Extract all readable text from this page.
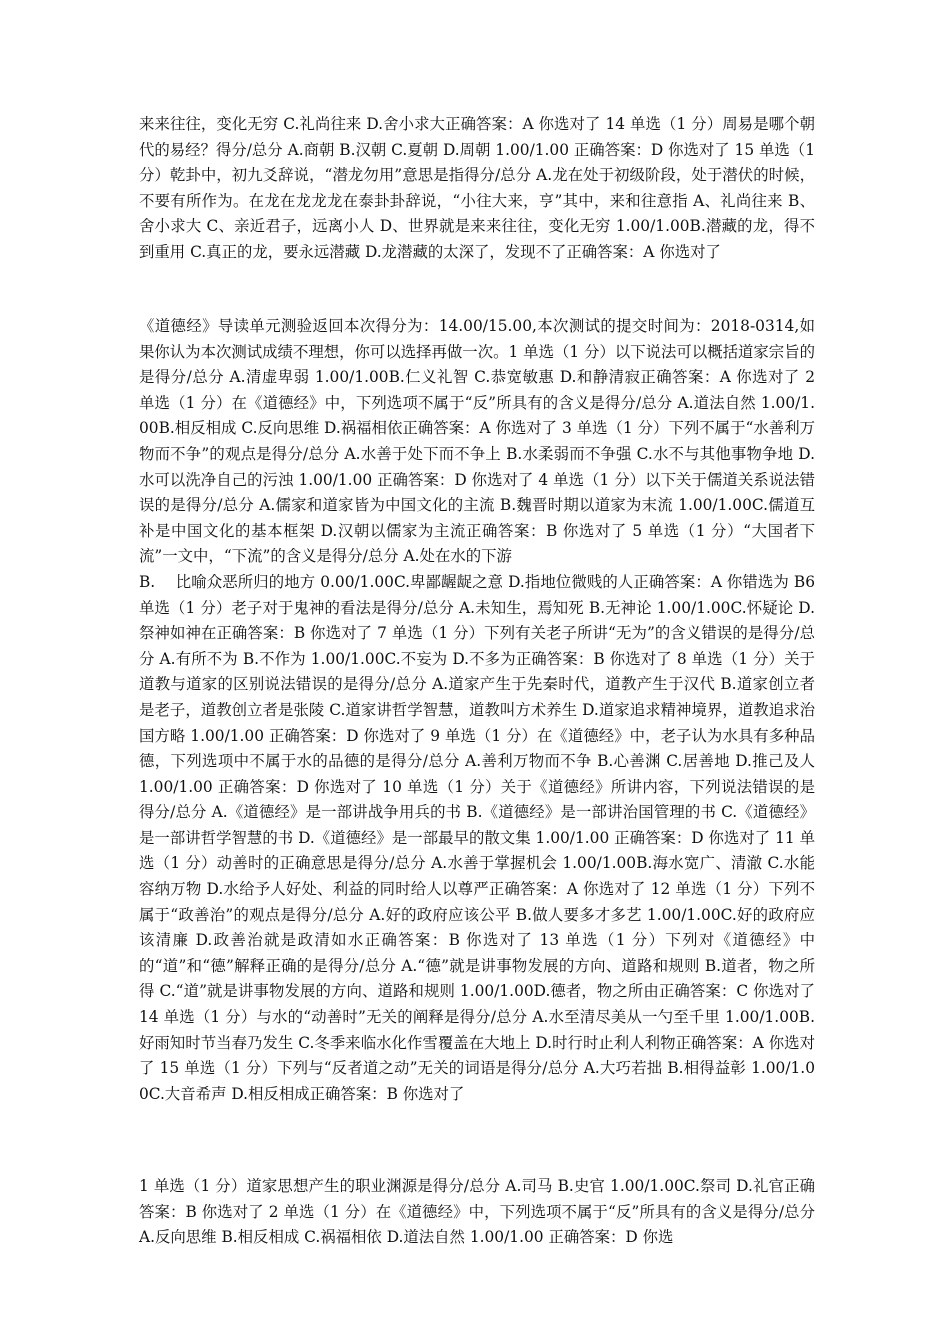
来来往往，变化无穷 C.礼尚往来 D.舍小求大正确答案：A 你选对了 14 单选（1 分）周易是哪个朝代的易经？得分/总分 A.商朝 B.汉朝 C.夏朝 D.周朝 1.00/1.00 正确答案：D 你选对了 15 单选（1 分）乾卦中，初九爻辞说，“潜龙勿用”意思是指得分/总分 A.龙在处于初级阶段，处于潜伏的时候，不要有所作为。在龙在龙龙龙在泰卦卦辞说，“小往大来，亨”其中，来和往意指 A、礼尚往来 B、舍小求大 C、亲近君子，远离小人 D、世界就是来来往往，变化无穷 1.00/1.00B.潜藏的龙，得不到重用 C.真正的龙，要永远潜藏 D.龙潜藏的太深了，发现不了正确答案：A 你选对了

《道德经》导读单元测验返回本次得分为：14.00/15.00,本次测试的提交时间为：2018-0314,如果你认为本次测试成绩不理想，你可以选择再做一次。1 单选（1 分）以下说法可以概括道家宗旨的是得分/总分 A.清虚卑弱 1.00/1.00B.仁义礼智 C.恭宽敏惠 D.和静清寂正确答案：A 你选对了 2 单选（1 分）在《道德经》中，下列选项不属于“反”所具有的含义是得分/总分 A.道法自然 1.00/1.00B.相反相成 C.反向思维 D.祸福相依正确答案：A 你选对了 3 单选（1 分）下列不属于“水善利万物而不争”的观点是得分/总分 A.水善于处下而不争上 B.水柔弱而不争强 C.水不与其他事物争地 D.水可以洗净自己的污浊 1.00/1.00 正确答案：D 你选对了 4 单选（1 分）以下关于儒道关系说法错误的是得分/总分 A.儒家和道家皆为中国文化的主流 B.魏晋时期以道家为末流 1.00/1.00C.儒道互补是中国文化的基本框架 D.汉朝以儒家为主流正确答案：B 你选对了 5 单选（1 分）“大国者下流”一文中，“下流”的含义是得分/总分 A.处在水的下游
B.　 比喻众恶所归的地方 0.00/1.00C.卑鄙龌龊之意 D.指地位微贱的人正确答案：A 你错选为 B6 单选（1 分）老子对于鬼神的看法是得分/总分 A.未知生，焉知死 B.无神论 1.00/1.00C.怀疑论 D.祭神如神在正确答案：B 你选对了 7 单选（1 分）下列有关老子所讲“无为”的含义错误的是得分/总分 A.有所不为 B.不作为 1.00/1.00C.不妄为 D.不多为正确答案：B 你选对了 8 单选（1 分）关于道教与道家的区别说法错误的是得分/总分 A.道家产生于先秦时代，道教产生于汉代 B.道家创立者是老子，道教创立者是张陵 C.道家讲哲学智慧，道教叫方术养生 D.道家追求精神境界，道教追求治国方略 1.00/1.00 正确答案：D 你选对了 9 单选（1 分）在《道德经》中，老子认为水具有多种品德，下列选项中不属于水的品德的是得分/总分 A.善利万物而不争 B.心善渊 C.居善地 D.推己及人 1.00/1.00 正确答案：D 你选对了 10 单选（1 分）关于《道德经》所讲内容，下列说法错误的是得分/总分 A.《道德经》是一部讲战争用兵的书 B.《道德经》是一部讲治国管理的书 C.《道德经》是一部讲哲学智慧的书 D.《道德经》是一部最早的散文集 1.00/1.00 正确答案：D 你选对了 11 单选（1 分）动善时的正确意思是得分/总分 A.水善于掌握机会 1.00/1.00B.海水宽广、清澈 C.水能容纳万物 D.水给予人好处、利益的同时给人以尊严正确答案：A 你选对了 12 单选（1 分）下列不属于“政善治”的观点是得分/总分 A.好的政府应该公平 B.做人要多才多艺 1.00/1.00C.好的政府应该清廉 D.政善治就是政清如水正确答案：B 你选对了 13 单选（1 分）下列对《道德经》中的“道”和“德”解释正确的是得分/总分 A.“德”就是讲事物发展的方向、道路和规则 B.道者，物之所得 C.“道”就是讲事物发展的方向、道路和规则 1.00/1.00D.德者，物之所由正确答案：C 你选对了 14 单选（1 分）与水的“动善时”无关的阐释是得分/总分 A.水至清尽美从一勺至千里 1.00/1.00B.好雨知时节当春乃发生 C.冬季来临水化作雪覆盖在大地上 D.时行时止利人利物正确答案：A 你选对了 15 单选（1 分）下列与“反者道之动”无关的词语是得分/总分 A.大巧若拙 B.相得益彰 1.00/1.00C.大音希声 D.相反相成正确答案：B 你选对了

1 单选（1 分）道家思想产生的职业渊源是得分/总分 A.司马 B.史官 1.00/1.00C.祭司 D.礼官正确答案：B 你选对了 2 单选（1 分）在《道德经》中，下列选项不属于“反”所具有的含义是得分/总分 A.反向思维 B.相反相成 C.祸福相依 D.道法自然 1.00/1.00 正确答案：D 你选
